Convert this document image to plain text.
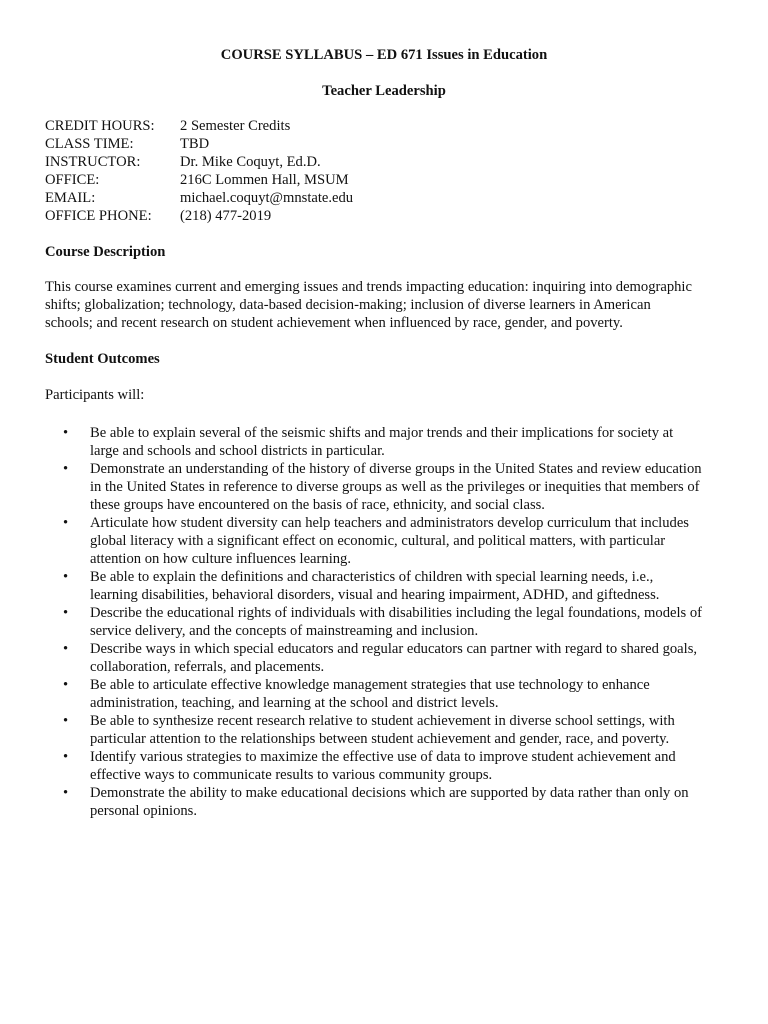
COURSE SYLLABUS – ED 671 Issues in Education
Teacher Leadership
CREDIT HOURS:	2 Semester Credits
CLASS TIME:	TBD
INSTRUCTOR:	Dr. Mike Coquyt, Ed.D.
OFFICE:	216C Lommen Hall, MSUM
EMAIL:	michael.coquyt@mnstate.edu
OFFICE PHONE:	(218) 477-2019
Course Description
This course examines current and emerging issues and trends impacting education: inquiring into demographic
shifts; globalization; technology, data-based decision-making; inclusion of diverse learners in American
schools; and recent research on student achievement when influenced by race, gender, and poverty.
Student Outcomes
Participants will:
•	Be able to explain several of the seismic shifts and major trends and their implications for society at
large and schools and school districts in particular.
•	Demonstrate an understanding of the history of diverse groups in the United States and review education
in the United States in reference to diverse groups as well as the privileges or inequities that members of
these groups have encountered on the basis of race, ethnicity, and social class.
•	Articulate how student diversity can help teachers and administrators develop curriculum that includes
global literacy with a significant effect on economic, cultural, and political matters, with particular
attention on how culture influences learning.
•	Be able to explain the definitions and characteristics of children with special learning needs, i.e.,
learning disabilities, behavioral disorders, visual and hearing impairment, ADHD, and giftedness.
•	Describe the educational rights of individuals with disabilities including the legal foundations, models of
service delivery, and the concepts of mainstreaming and inclusion.
•	Describe ways in which special educators and regular educators can partner with regard to shared goals,
collaboration, referrals, and placements.
•	Be able to articulate effective knowledge management strategies that use technology to enhance
administration, teaching, and learning at the school and district levels.
•	Be able to synthesize recent research relative to student achievement in diverse school settings, with
particular attention to the relationships between student achievement and gender, race, and poverty.
•	Identify various strategies to maximize the effective use of data to improve student achievement and
effective ways to communicate results to various community groups.
•	Demonstrate the ability to make educational decisions which are supported by data rather than only on
personal opinions.
